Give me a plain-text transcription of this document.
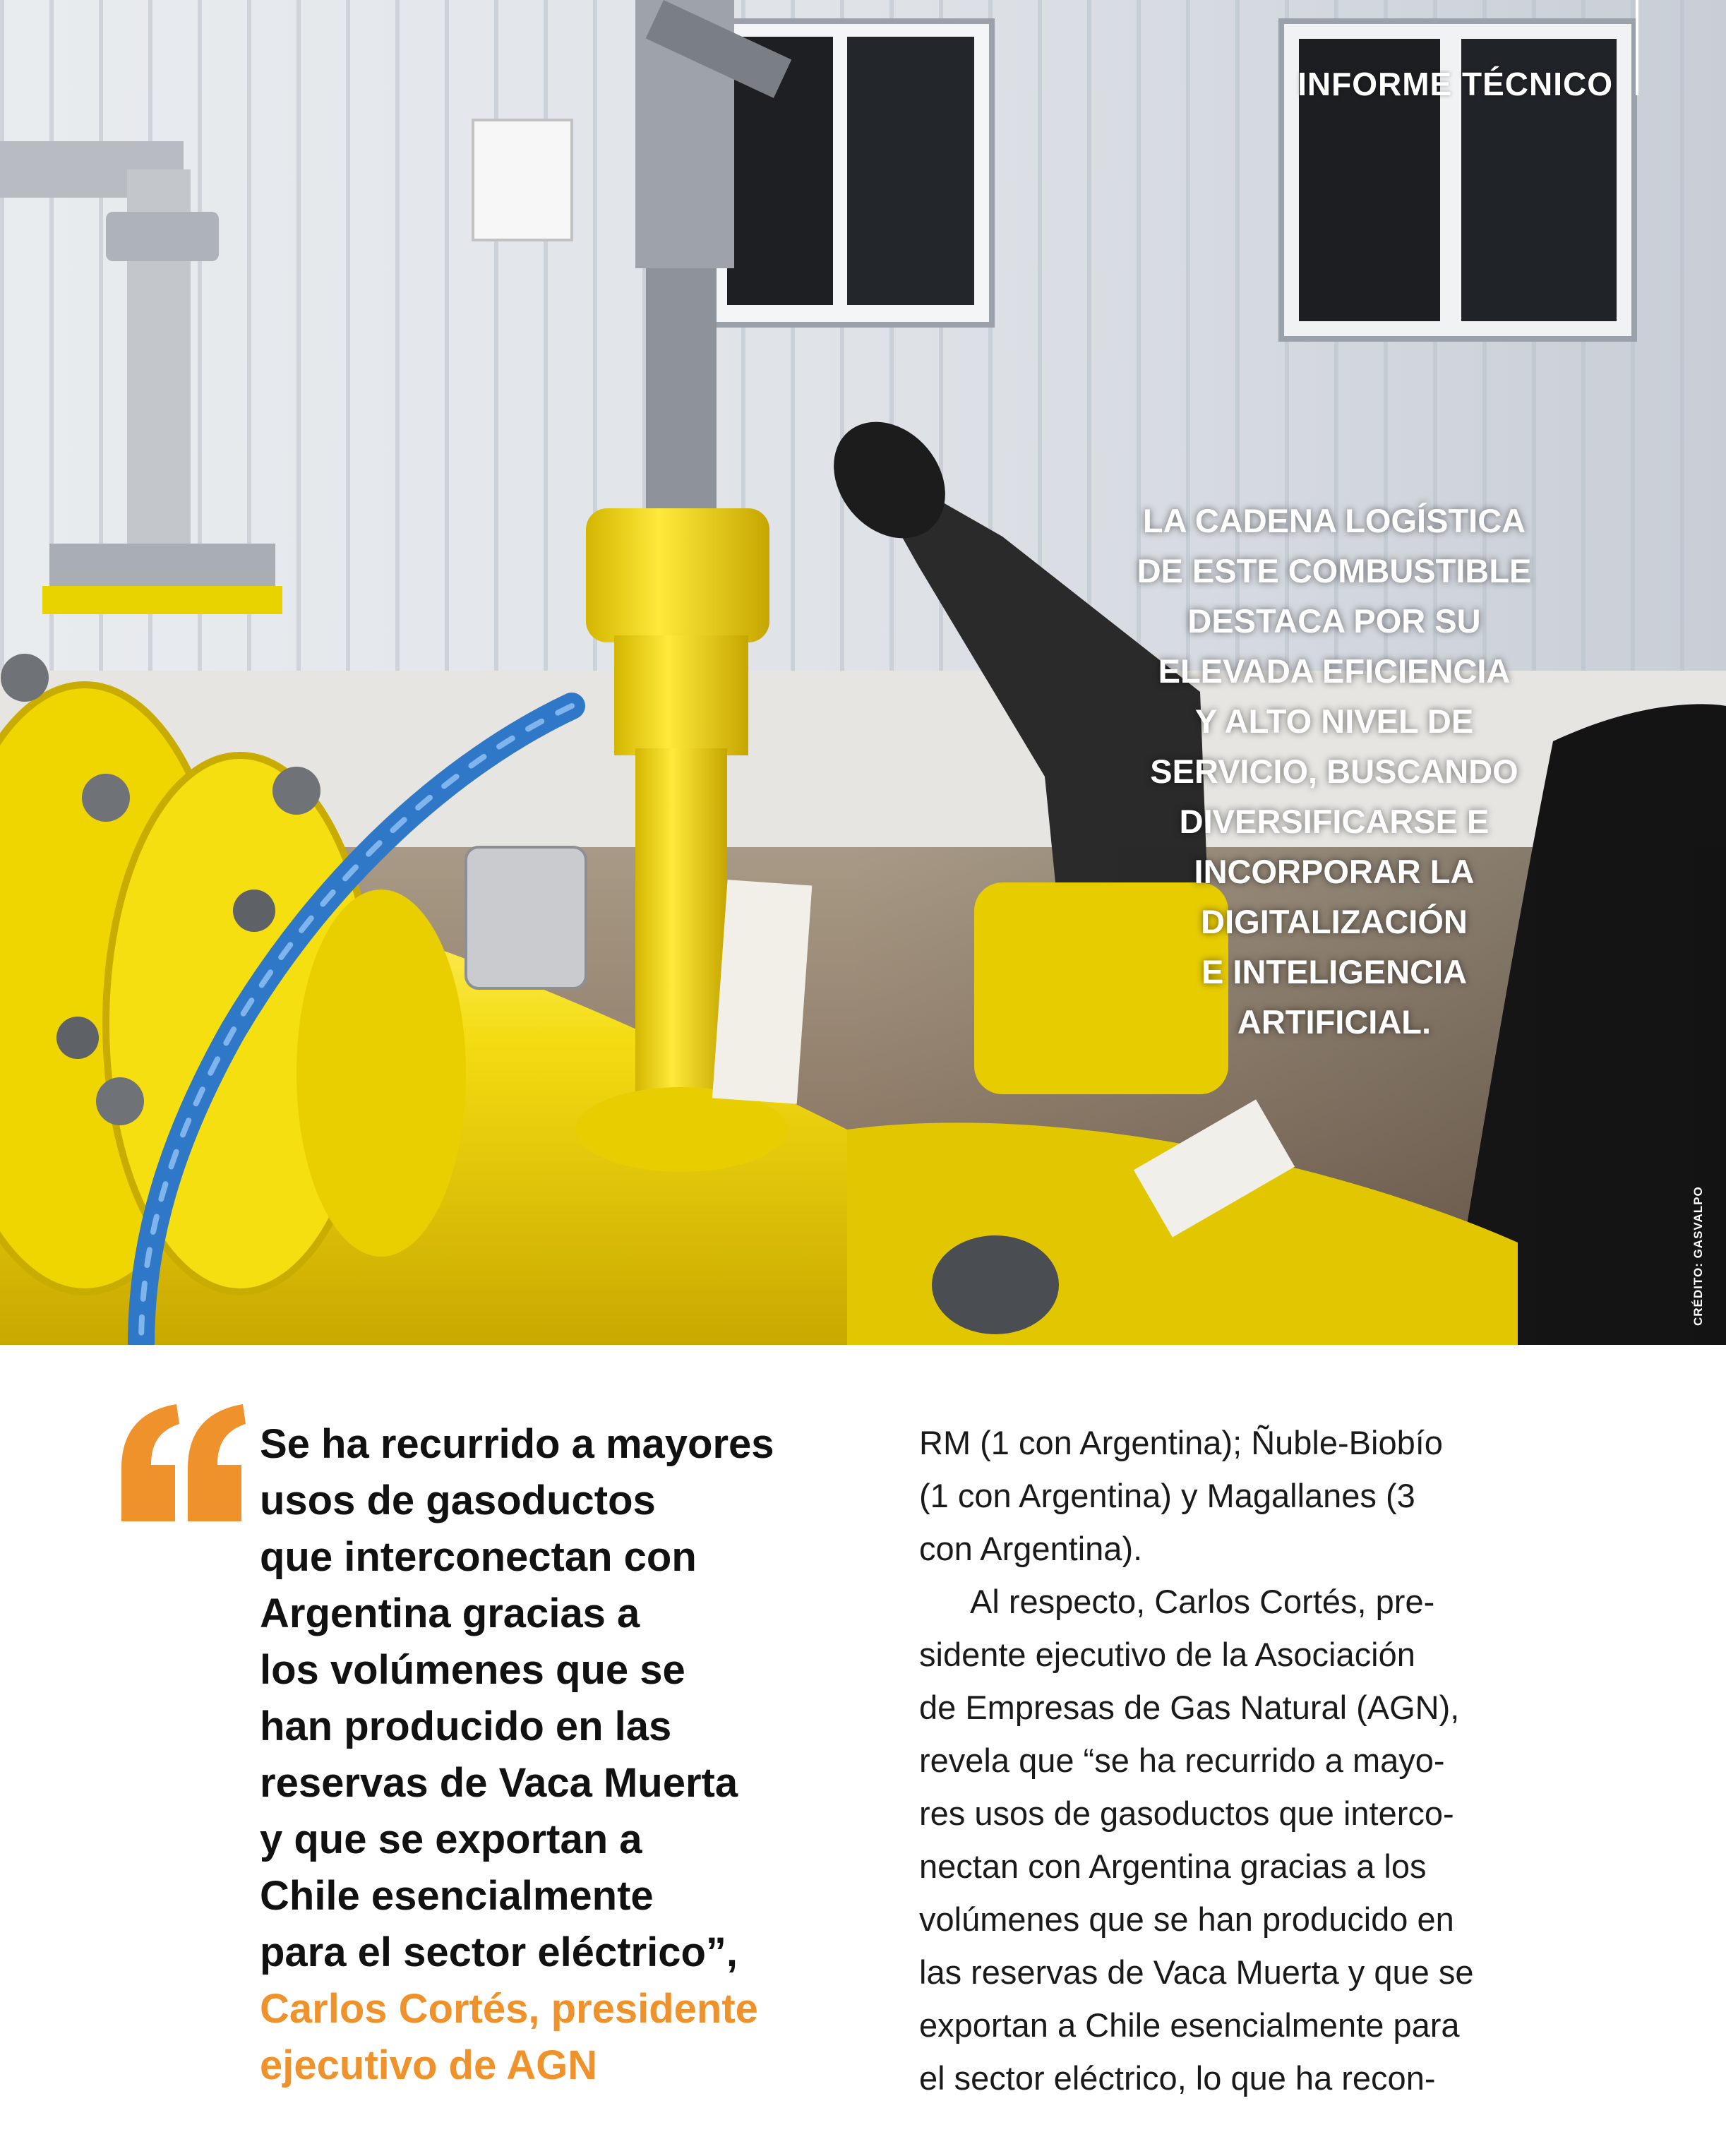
INFORME TÉCNICO
LA CADENA LOGÍSTICA
DE ESTE COMBUSTIBLE
DESTACA POR SU
ELEVADA EFICIENCIA
Y ALTO NIVEL DE
SERVICIO, BUSCANDO
DIVERSIFICARSE E
INCORPORAR LA
DIGITALIZACIÓN
E INTELIGENCIA
ARTIFICIAL.
CRÉDITO: GASVALPO
Se ha recurrido a mayores
usos de gasoductos
que interconectan con
Argentina gracias a
los volúmenes que se
han producido en las
reservas de Vaca Muerta
y que se exportan a
Chile esencialmente
para el sector eléctrico”,
Carlos Cortés, presidente
ejecutivo de AGN
RM (1 con Argentina); Ñuble-Biobío
(1 con Argentina) y Magallanes (3
con Argentina).
Al respecto, Carlos Cortés, pre-
sidente ejecutivo de la Asociación
de Empresas de Gas Natural (AGN),
revela que “se ha recurrido a mayo-
res usos de gasoductos que interco-
nectan con Argentina gracias a los
volúmenes que se han producido en
las reservas de Vaca Muerta y que se
exportan a Chile esencialmente para
el sector eléctrico, lo que ha recon-
